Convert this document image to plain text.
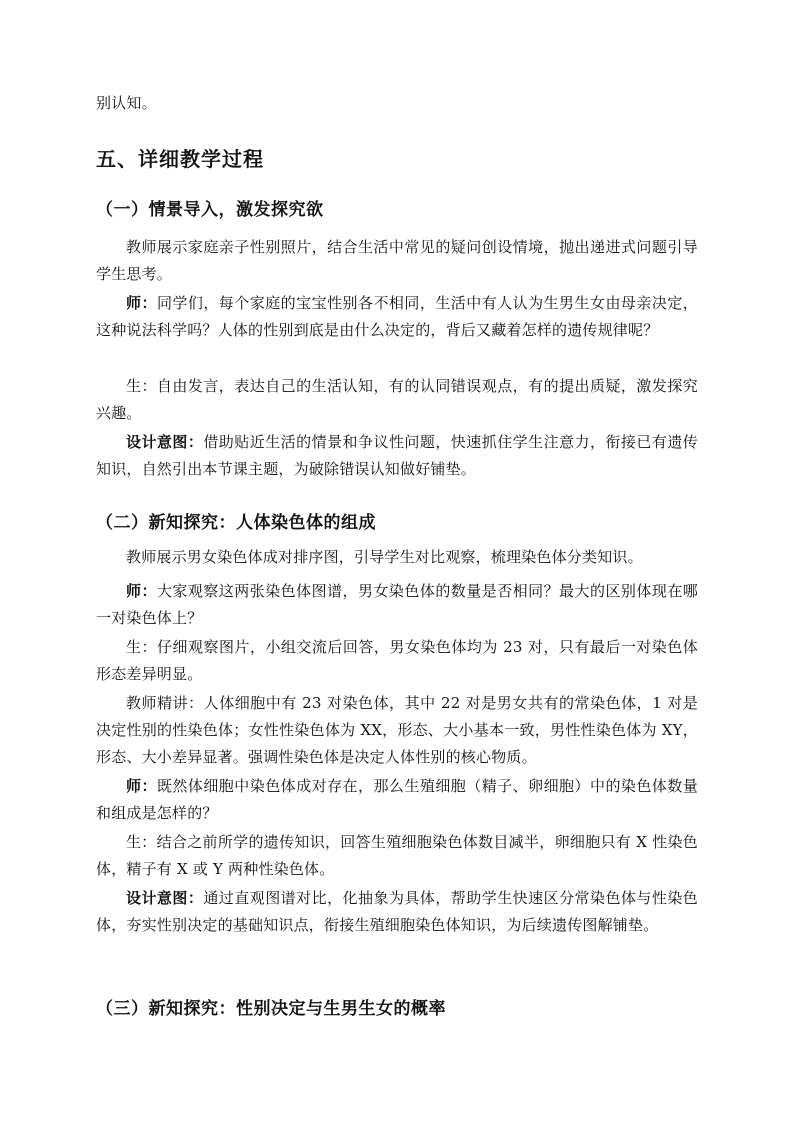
别认知。

五、详细教学过程
（一）情景导入，激发探究欲

教师展示家庭亲子性别照片，结合生活中常见的疑问创设情境，抛出递进式问题引导学生思考。

师：同学们，每个家庭的宝宝性别各不相同，生活中有人认为生男生女由母亲决定，这种说法科学吗？人体的性别到底是由什么决定的，背后又藏着怎样的遗传规律呢？

生：自由发言，表达自己的生活认知，有的认同错误观点，有的提出质疑，激发探究兴趣。

设计意图：借助贴近生活的情景和争议性问题，快速抓住学生注意力，衔接已有遗传知识，自然引出本节课主题，为破除错误认知做好铺垫。

（二）新知探究：人体染色体的组成

教师展示男女染色体成对排序图，引导学生对比观察，梳理染色体分类知识。

师：大家观察这两张染色体图谱，男女染色体的数量是否相同？最大的区别体现在哪一对染色体上？

生：仔细观察图片，小组交流后回答，男女染色体均为 23 对，只有最后一对染色体形态差异明显。

教师精讲：人体细胞中有 23 对染色体，其中 22 对是男女共有的常染色体，1 对是决定性别的性染色体；女性性染色体为 XX，形态、大小基本一致，男性性染色体为 XY，形态、大小差异显著。强调性染色体是决定人体性别的核心物质。

师：既然体细胞中染色体成对存在，那么生殖细胞（精子、卵细胞）中的染色体数量和组成是怎样的？

生：结合之前所学的遗传知识，回答生殖细胞染色体数目减半，卵细胞只有 X 性染色体，精子有 X 或 Y 两种性染色体。

设计意图：通过直观图谱对比，化抽象为具体，帮助学生快速区分常染色体与性染色体，夯实性别决定的基础知识点，衔接生殖细胞染色体知识，为后续遗传图解铺垫。

（三）新知探究：性别决定与生男生女的概率
